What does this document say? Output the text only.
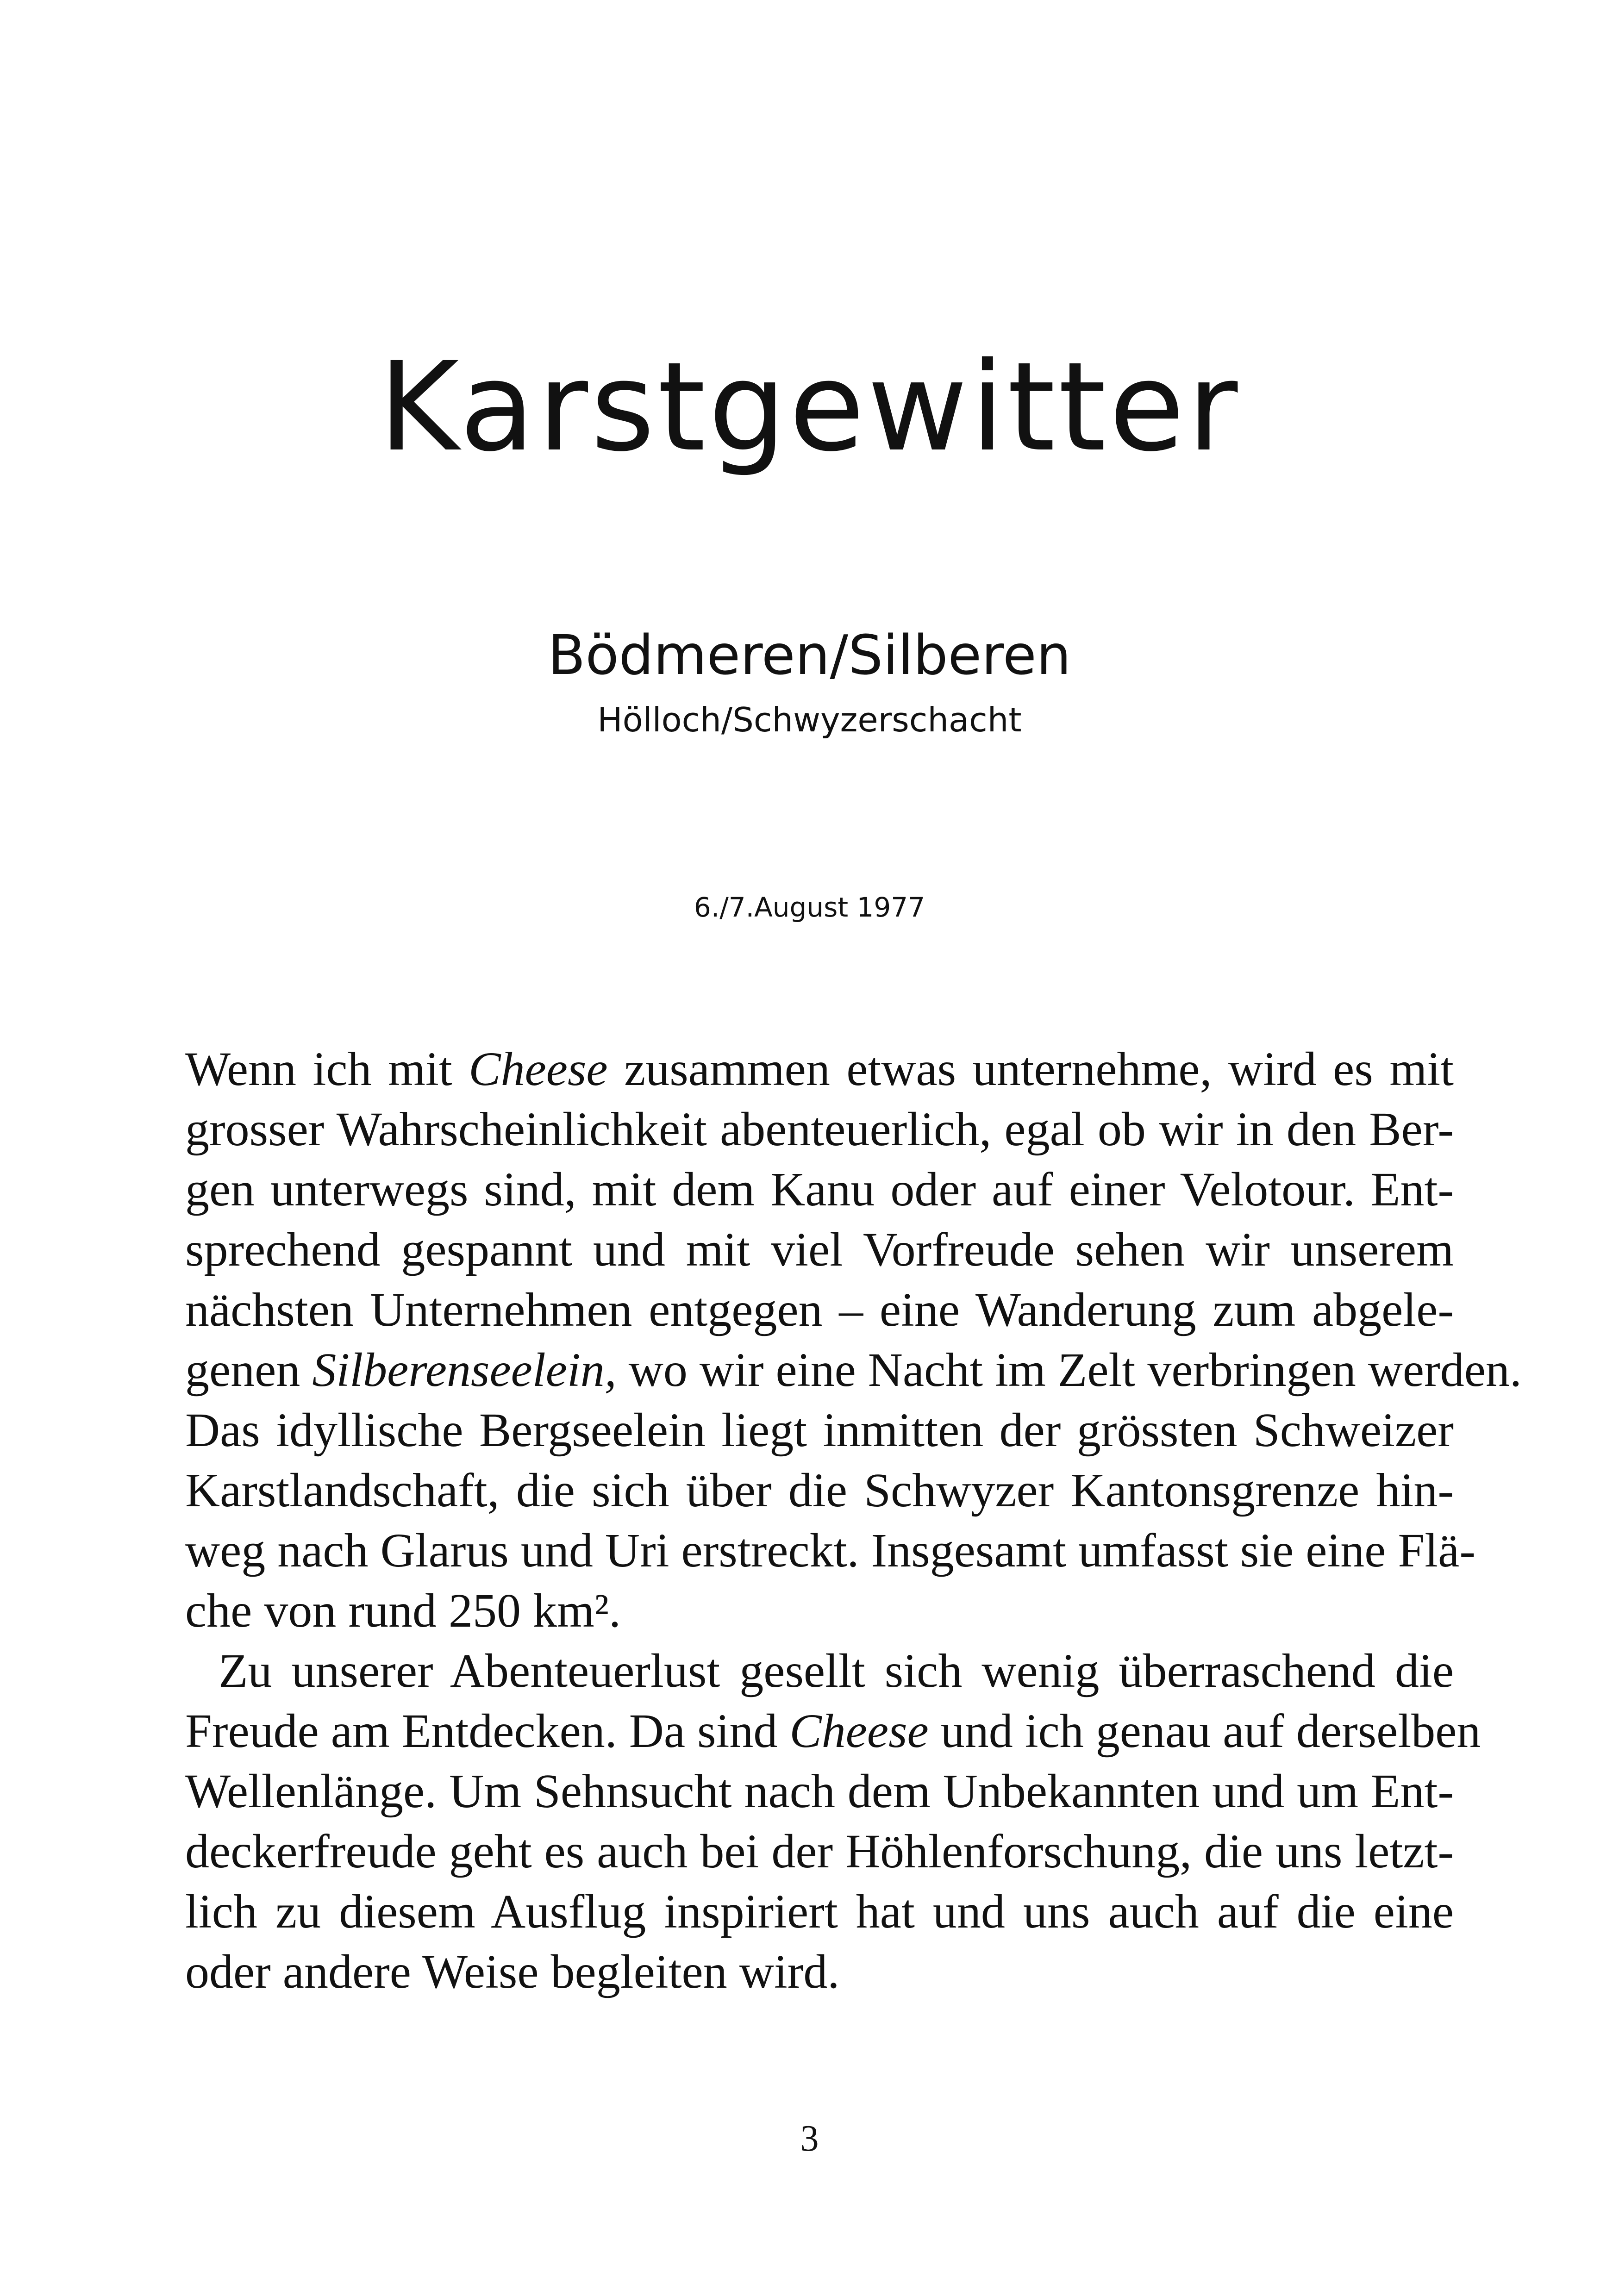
Karstgewitter
Bödmeren/Silberen
Hölloch/Schwyzerschacht
6./7.August 1977
Wenn ich mit Cheese zusammen etwas unternehme, wird es mit
grosser Wahrscheinlichkeit abenteuerlich, egal ob wir in den Ber-
gen unterwegs sind, mit dem Kanu oder auf einer Velotour. Ent-
sprechend gespannt und mit viel Vorfreude sehen wir unserem
nächsten Unternehmen entgegen – eine Wanderung zum abgele-
genen Silberenseelein, wo wir eine Nacht im Zelt verbringen werden.
Das idyllische Bergseelein liegt inmitten der grössten Schweizer
Karstlandschaft, die sich über die Schwyzer Kantonsgrenze hin-
weg nach Glarus und Uri erstreckt. Insgesamt umfasst sie eine Flä-
che von rund 250 km².
Zu unserer Abenteuerlust gesellt sich wenig überraschend die
Freude am Entdecken. Da sind Cheese und ich genau auf derselben
Wellenlänge. Um Sehnsucht nach dem Unbekannten und um Ent-
deckerfreude geht es auch bei der Höhlenforschung, die uns letzt-
lich zu diesem Ausflug inspiriert hat und uns auch auf die eine
oder andere Weise begleiten wird.
3
